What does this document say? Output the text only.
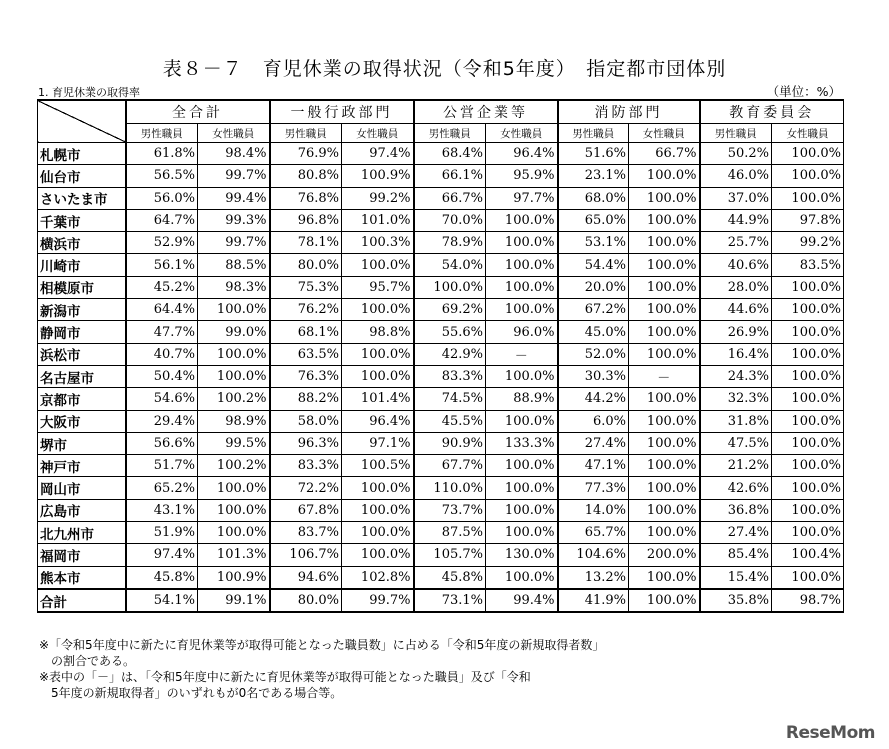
表８－７　育児休業の取得状況（令和5年度）　指定都市団体別
1. 育児休業の取得率	（単位：%）
	全合計		一般行政部門		公営企業等		消防部門		教育委員会	
	男性職員	女性職員	男性職員	女性職員	男性職員	女性職員	男性職員	女性職員	男性職員	女性職員
札幌市	61.8%	98.4%	76.9%	97.4%	68.4%	96.4%	51.6%	66.7%	50.2%	100.0%
仙台市	56.5%	99.7%	80.8%	100.9%	66.1%	95.9%	23.1%	100.0%	46.0%	100.0%
さいたま市	56.0%	99.4%	76.8%	99.2%	66.7%	97.7%	68.0%	100.0%	37.0%	100.0%
千葉市	64.7%	99.3%	96.8%	101.0%	70.0%	100.0%	65.0%	100.0%	44.9%	97.8%
横浜市	52.9%	99.7%	78.1%	100.3%	78.9%	100.0%	53.1%	100.0%	25.7%	99.2%
川崎市	56.1%	88.5%	80.0%	100.0%	54.0%	100.0%	54.4%	100.0%	40.6%	83.5%
相模原市	45.2%	98.3%	75.3%	95.7%	100.0%	100.0%	20.0%	100.0%	28.0%	100.0%
新潟市	64.4%	100.0%	76.2%	100.0%	69.2%	100.0%	67.2%	100.0%	44.6%	100.0%
静岡市	47.7%	99.0%	68.1%	98.8%	55.6%	96.0%	45.0%	100.0%	26.9%	100.0%
浜松市	40.7%	100.0%	63.5%	100.0%	42.9%	－	52.0%	100.0%	16.4%	100.0%
名古屋市	50.4%	100.0%	76.3%	100.0%	83.3%	100.0%	30.3%	－	24.3%	100.0%
京都市	54.6%	100.2%	88.2%	101.4%	74.5%	88.9%	44.2%	100.0%	32.3%	100.0%
大阪市	29.4%	98.9%	58.0%	96.4%	45.5%	100.0%	6.0%	100.0%	31.8%	100.0%
堺市	56.6%	99.5%	96.3%	97.1%	90.9%	133.3%	27.4%	100.0%	47.5%	100.0%
神戸市	51.7%	100.2%	83.3%	100.5%	67.7%	100.0%	47.1%	100.0%	21.2%	100.0%
岡山市	65.2%	100.0%	72.2%	100.0%	110.0%	100.0%	77.3%	100.0%	42.6%	100.0%
広島市	43.1%	100.0%	67.8%	100.0%	73.7%	100.0%	14.0%	100.0%	36.8%	100.0%
北九州市	51.9%	100.0%	83.7%	100.0%	87.5%	100.0%	65.7%	100.0%	27.4%	100.0%
福岡市	97.4%	101.3%	106.7%	100.0%	105.7%	130.0%	104.6%	200.0%	85.4%	100.4%
熊本市	45.8%	100.9%	94.6%	102.8%	45.8%	100.0%	13.2%	100.0%	15.4%	100.0%
合計	54.1%	99.1%	80.0%	99.7%	73.1%	99.4%	41.9%	100.0%	35.8%	98.7%

※「令和5年度中に新たに育児休業等が取得可能となった職員数」に占める「令和5年度の新規取得者数」

　の割合である。

※表中の「－」は、「令和5年度中に新たに育児休業等が取得可能となった職員」及び「令和

　5年度の新規取得者」のいずれもが0名である場合等。

ReseMom
